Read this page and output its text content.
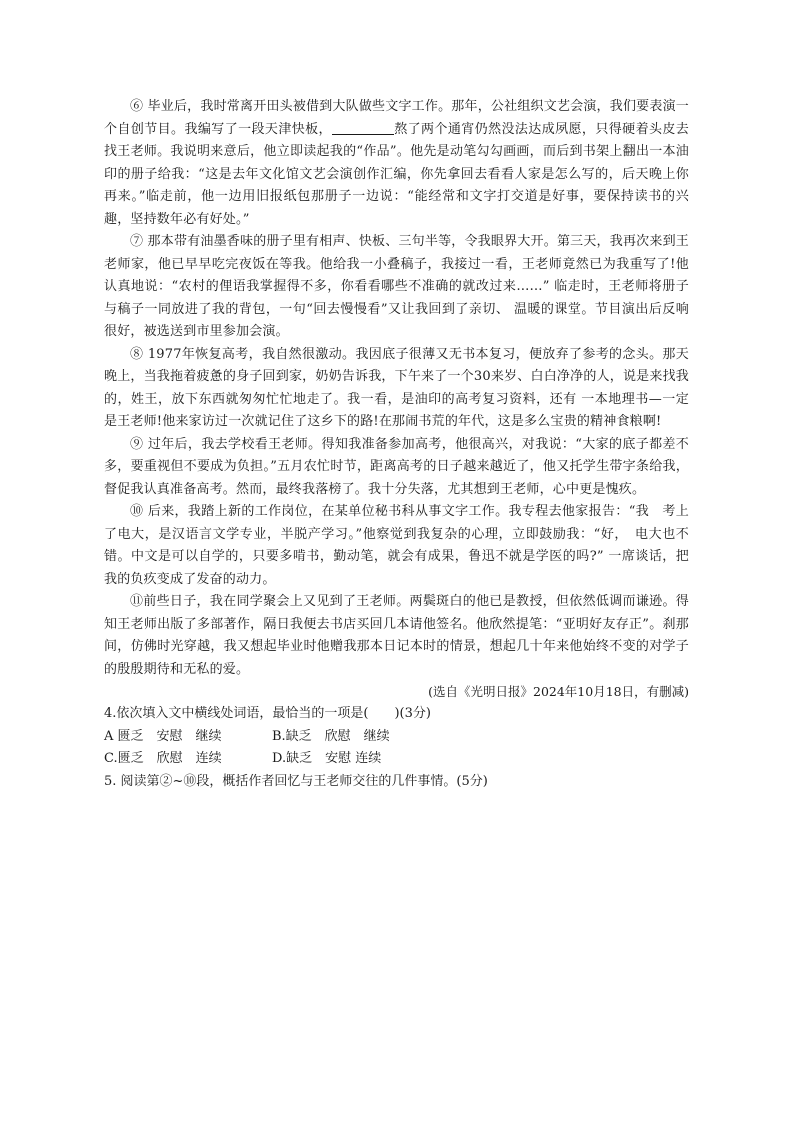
⑥ 毕业后，我时常离开田头被借到大队做些文字工作。那年，公社组织文艺会演，我们要表演一个自创节目。我编写了一段天津快板，	熬了两个通宵仍然没法达成夙愿，只得硬着头皮去找王老师。我说明来意后，他立即读起我的“作品”。他先是动笔勾勾画画，而后到书架上翻出一本油印的册子给我：“这是去年文化馆文艺会演创作汇编，你先拿回去看看人家是怎么写的，后天晚上你再来。”临走前，他一边用旧报纸包那册子一边说：“能经常和文字打交道是好事，要保持读书的兴趣，坚持数年必有好处。”

⑦ 那本带有油墨香味的册子里有相声、快板、三句半等，令我眼界大开。第三天，我再次来到王老师家，他已早早吃完夜饭在等我。他给我一小叠稿子，我接过一看，王老师竟然已为我重写了!他认真地说：“农村的俚语我掌握得不多，你看看哪些不准确的就改过来……” 临走时，王老师将册子与稿子一同放进了我的背包，一句“回去慢慢看”又让我回到了亲切、 温暖的课堂。节目演出后反响很好，被选送到市里参加会演。

⑧ 1977年恢复高考，我自然很激动。我因底子很薄又无书本复习，便放弃了参考的念头。那天晚上，当我拖着疲惫的身子回到家，奶奶告诉我，下午来了一个30来岁、白白净净的人，说是来找我的，姓王，放下东西就匆匆忙忙地走了。我一看，是油印的高考复习资料，还有 一本地理书—一定是王老师!他来家访过一次就记住了这乡下的路!在那闹书荒的年代，这是多么宝贵的精神食粮啊!

⑨ 过年后，我去学校看王老师。得知我准备参加高考，他很高兴，对我说：“大家的底子都差不多，要重视但不要成为负担。”五月农忙时节，距离高考的日子越来越近了，他又托学生带字条给我，督促我认真准备高考。然而，最终我落榜了。我十分失落，尤其想到王老师，心中更是愧疚。

⑩ 后来，我踏上新的工作岗位，在某单位秘书科从事文字工作。我专程去他家报告：“我　考上了电大，是汉语言文学专业，半脱产学习。”他察觉到我复杂的心理，立即鼓励我：“好，　电大也不错。中文是可以自学的，只要多啃书，勤动笔，就会有成果，鲁迅不就是学医的吗?” 一席谈话，把我的负疚变成了发奋的动力。

⑪前些日子，我在同学聚会上又见到了王老师。两鬓斑白的他已是教授，但依然低调而谦逊。得知王老师出版了多部著作，隔日我便去书店买回几本请他签名。他欣然提笔：“亚明好友存正”。刹那间，仿佛时光穿越，我又想起毕业时他赠我那本日记本时的情景，想起几十年来他始终不变的对学子的殷殷期待和无私的爱。

(选自《光明日报》2024年10月18日，有删减)

4.依次填入文中横线处词语，最恰当的一项是(　　)(3分)

A 匮乏　安慰　继续	B.缺乏　欣慰　继续

C.匮乏　欣慰　连续	D.缺乏　安慰 连续

5. 阅读第②~⑩段，概括作者回忆与王老师交往的几件事情。(5分)
